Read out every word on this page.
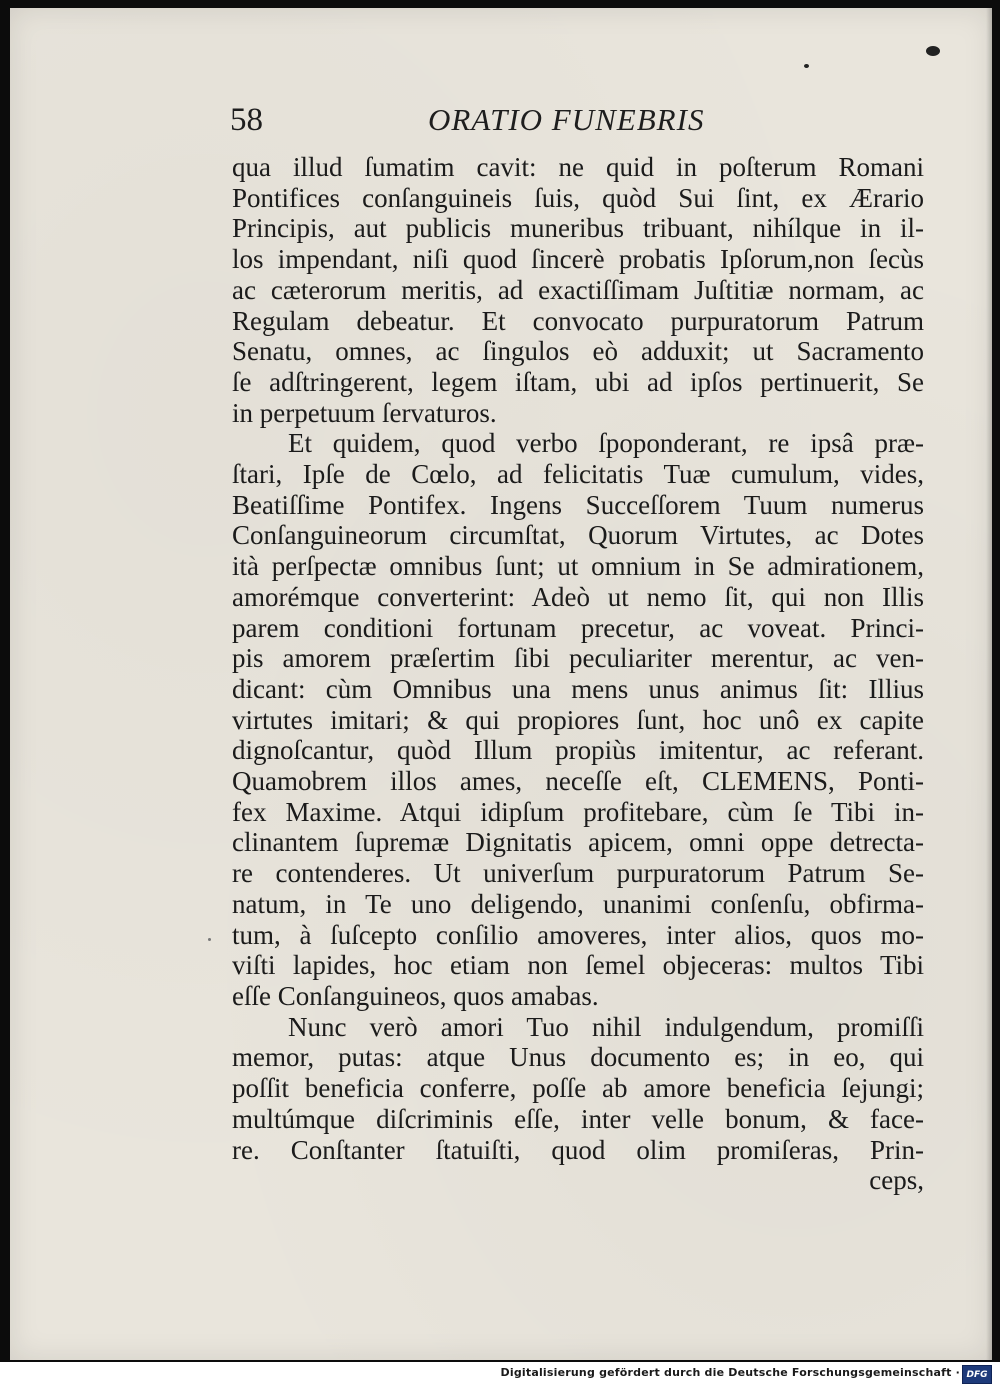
58	ORATIO FUNEBRIS
qua illud ſumatim cavit: ne quid in poſterum Romani
Pontifices conſanguineis ſuis, quòd Sui ſint, ex Ærario
Principis, aut publicis muneribus tribuant, nihílque in il-
los impendant, niſi quod ſincerè probatis Ipſorum,non ſecùs
ac cæterorum meritis, ad exactiſſimam Juſtitiæ normam, ac
Regulam debeatur. Et convocato purpuratorum Patrum
Senatu, omnes, ac ſingulos eò adduxit; ut Sacramento
ſe adſtringerent, legem iſtam, ubi ad ipſos pertinuerit, Se
in perpetuum ſervaturos.
Et quidem, quod verbo ſpoponderant, re ipsâ præ-
ſtari, Ipſe de Cœlo, ad felicitatis Tuæ cumulum, vides,
Beatiſſime Pontifex. Ingens Succeſſorem Tuum numerus
Conſanguineorum circumſtat, Quorum Virtutes, ac Dotes
ità perſpectæ omnibus ſunt; ut omnium in Se admirationem,
amorémque converterint: Adeò ut nemo ſit, qui non Illis
parem conditioni fortunam precetur, ac voveat. Princi-
pis amorem præſertim ſibi peculiariter merentur, ac ven-
dicant: cùm Omnibus una mens unus animus ſit: Illius
virtutes imitari; & qui propiores ſunt, hoc unô ex capite
dignoſcantur, quòd Illum propiùs imitentur, ac referant.
Quamobrem illos ames, neceſſe eſt, CLEMENS, Ponti-
fex Maxime. Atqui idipſum profitebare, cùm ſe Tibi in-
clinantem ſupremæ Dignitatis apicem, omni oppe detrecta-
re contenderes. Ut univerſum purpuratorum Patrum Se-
natum, in Te uno deligendo, unanimi conſenſu, obfirma-
tum, à ſuſcepto conſilio amoveres, inter alios, quos mo-
viſti lapides, hoc etiam non ſemel objeceras: multos Tibi
eſſe Conſanguineos, quos amabas.
Nunc verò amori Tuo nihil indulgendum, promiſſi
memor, putas: atque Unus documento es; in eo, qui
poſſit beneficia conferre, poſſe ab amore beneficia ſejungi;
multúmque diſcriminis eſſe, inter velle bonum, & face-
re. Conſtanter ſtatuiſti, quod olim promiſeras, Prin-
ceps,
Digitalisierung gefördert durch die Deutsche Forschungsgemeinschaft · DFG
